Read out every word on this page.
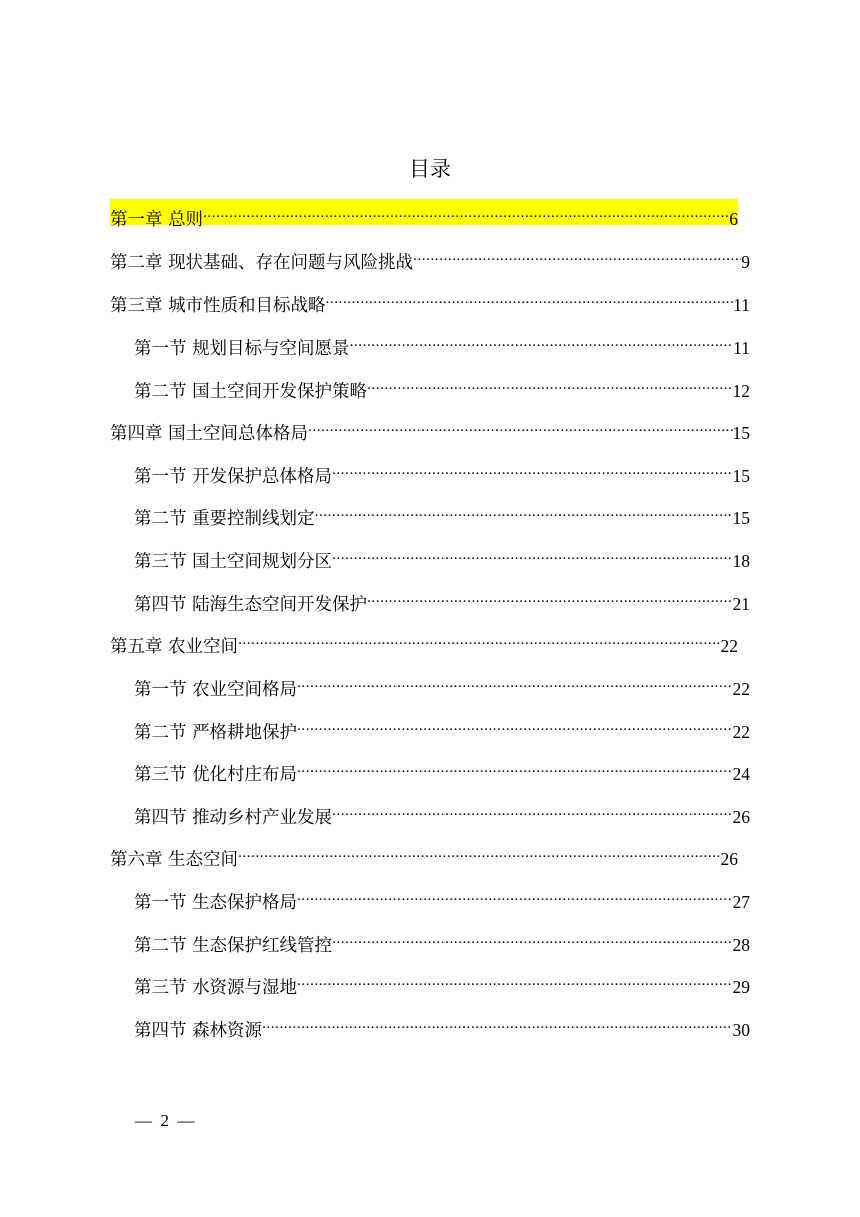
目录
第一章 总则 .....	6
第二章 现状基础、存在问题与风险挑战 .....	9
第三章 城市性质和目标战略 .....	11
第一节 规划目标与空间愿景 .....	11
第二节 国土空间开发保护策略 .....	12
第四章 国土空间总体格局 .....	15
第一节 开发保护总体格局 .....	15
第二节 重要控制线划定 .....	15
第三节 国土空间规划分区 .....	18
第四节 陆海生态空间开发保护 .....	21
第五章 农业空间 .....	22
第一节 农业空间格局 .....	22
第二节 严格耕地保护 .....	22
第三节 优化村庄布局 .....	24
第四节 推动乡村产业发展 .....	26
第六章 生态空间 .....	26
第一节 生态保护格局 .....	27
第二节 生态保护红线管控 .....	28
第三节 水资源与湿地 .....	29
第四节 森林资源 .....	30
—  2  —
